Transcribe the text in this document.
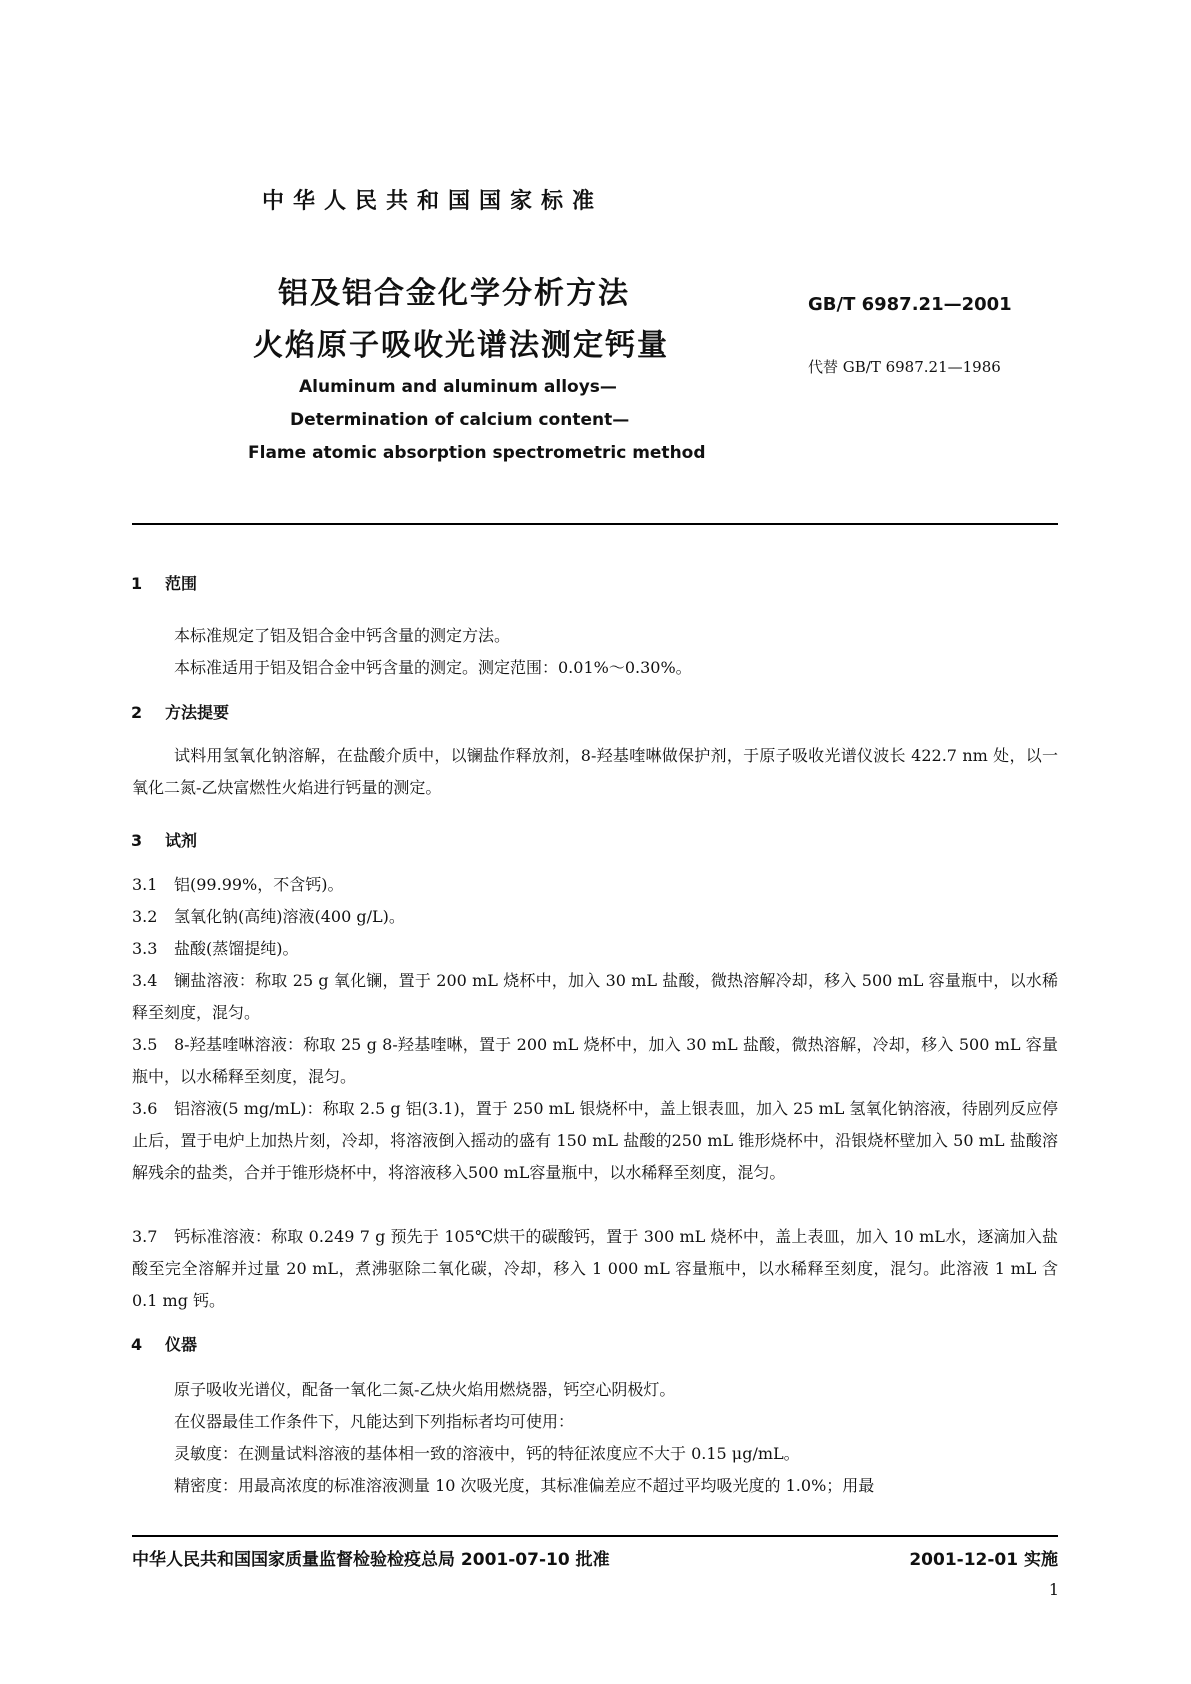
中华人民共和国国家标准
铝及铝合金化学分析方法
火焰原子吸收光谱法测定钙量
GB/T 6987.21—2001
代替 GB/T 6987.21—1986
Aluminum and aluminum alloys—
Determination of calcium content—
Flame atomic absorption spectrometric method
1 范围
本标准规定了铝及铝合金中钙含量的测定方法。
本标准适用于铝及铝合金中钙含量的测定。测定范围：0.01%～0.30%。
2 方法提要
试料用氢氧化钠溶解，在盐酸介质中，以镧盐作释放剂，8-羟基喹啉做保护剂，于原子吸收光谱仪波长 422.7 nm 处，以一氧化二氮-乙炔富燃性火焰进行钙量的测定。
3 试剂
3.1 铝(99.99%，不含钙)。
3.2 氢氧化钠(高纯)溶液(400 g/L)。
3.3 盐酸(蒸馏提纯)。
3.4 镧盐溶液：称取 25 g 氧化镧，置于 200 mL 烧杯中，加入 30 mL 盐酸，微热溶解冷却，移入 500 mL 容量瓶中，以水稀释至刻度，混匀。
3.5 8-羟基喹啉溶液：称取 25 g 8-羟基喹啉，置于 200 mL 烧杯中，加入 30 mL 盐酸，微热溶解，冷却，移入 500 mL 容量瓶中，以水稀释至刻度，混匀。
3.6 铝溶液(5 mg/mL)：称取 2.5 g 铝(3.1)，置于 250 mL 银烧杯中，盖上银表皿，加入 25 mL 氢氧化钠溶液，待剧列反应停止后，置于电炉上加热片刻，冷却，将溶液倒入摇动的盛有 150 mL 盐酸的250 mL 锥形烧杯中，沿银烧杯壁加入 50 mL 盐酸溶解残余的盐类，合并于锥形烧杯中，将溶液移入500 mL容量瓶中，以水稀释至刻度，混匀。
3.7 钙标准溶液：称取 0.249 7 g 预先于 105℃烘干的碳酸钙，置于 300 mL 烧杯中，盖上表皿，加入 10 mL水，逐滴加入盐酸至完全溶解并过量 20 mL，煮沸驱除二氧化碳，冷却，移入 1 000 mL 容量瓶中，以水稀释至刻度，混匀。此溶液 1 mL 含 0.1 mg 钙。
4 仪器
原子吸收光谱仪，配备一氧化二氮-乙炔火焰用燃烧器，钙空心阴极灯。
在仪器最佳工作条件下，凡能达到下列指标者均可使用：
灵敏度：在测量试料溶液的基体相一致的溶液中，钙的特征浓度应不大于 0.15 μg/mL。
精密度：用最高浓度的标准溶液测量 10 次吸光度，其标准偏差应不超过平均吸光度的 1.0%；用最
中华人民共和国国家质量监督检验检疫总局 2001-07-10 批准	2001-12-01 实施
1
